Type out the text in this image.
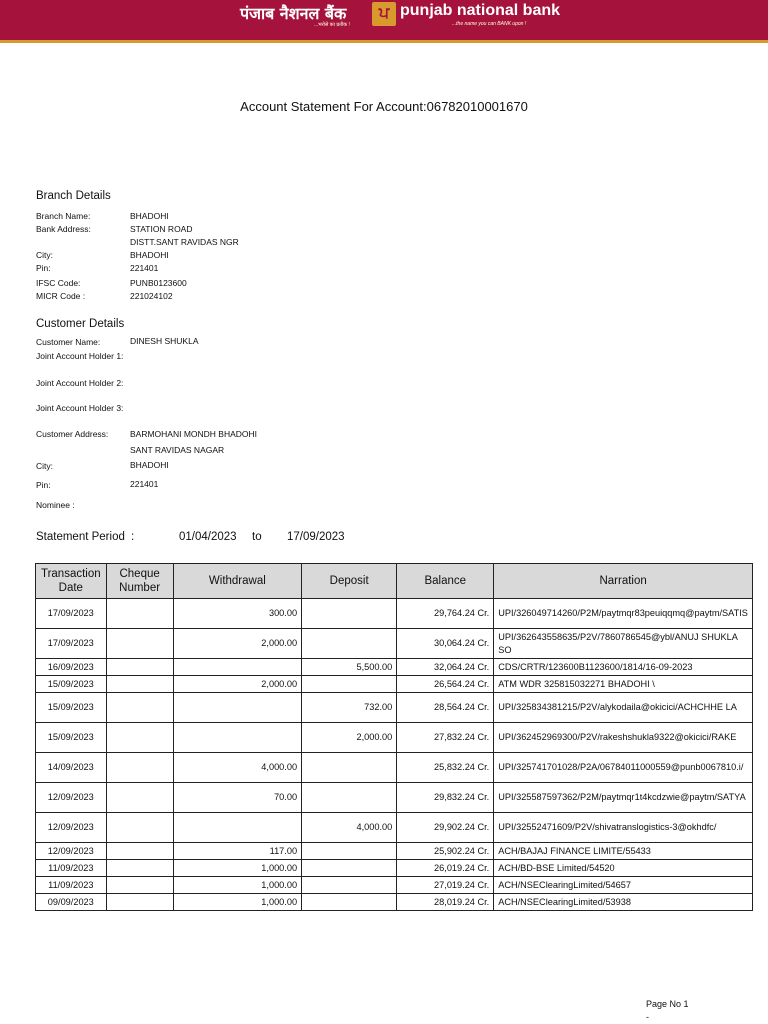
पंजाब नैशनल बैंक
...भरोसे का प्रतीक !
ਪ punjab national bank
...the name you can BANK upon !
Account Statement For Account:06782010001670
Branch Details
Branch Name:	BHADOHI
Bank Address:	STATION ROAD
DISTT.SANT RAVIDAS NGR
City:	BHADOHI
Pin:	221401
IFSC Code:	PUNB0123600
MICR Code :	221024102
Customer Details
Customer Name:	DINESH SHUKLA
Joint Account Holder 1:
Joint Account Holder 2:
Joint Account Holder 3:
Customer Address:	BARMOHANI MONDH BHADOHI
SANT RAVIDAS NAGAR
City:	BHADOHI
Pin:	221401
Nominee :
Statement Period :	01/04/2023 to 17/09/2023
Transaction Date	Cheque Number	Withdrawal	Deposit	Balance	Narration
17/09/2023		300.00		29,764.24 Cr.	UPI/326049714260/P2M/paytmqr83peuiqqmq@paytm/SATIS
17/09/2023		2,000.00		30,064.24 Cr.	UPI/362643558635/P2V/7860786545@ybl/ANUJ SHUKLA SO
16/09/2023			5,500.00	32,064.24 Cr.	CDS/CRTR/123600B1123600/1814/16-09-2023
15/09/2023		2,000.00		26,564.24 Cr.	ATM WDR 325815032271 BHADOHI \
15/09/2023			732.00	28,564.24 Cr.	UPI/325834381215/P2V/alykodaila@okicici/ACHCHHE LA
15/09/2023			2,000.00	27,832.24 Cr.	UPI/362452969300/P2V/rakeshshukla9322@okicici/RAKE
14/09/2023		4,000.00		25,832.24 Cr.	UPI/325741701028/P2A/06784011000559@punb0067810.i/
12/09/2023		70.00		29,832.24 Cr.	UPI/325587597362/P2M/paytmqr1t4kcdzwie@paytm/SATYA
12/09/2023			4,000.00	29,902.24 Cr.	UPI/32552471609/P2V/shivatranslogistics-3@okhdfc/
12/09/2023		117.00		25,902.24 Cr.	ACH/BAJAJ FINANCE LIMITE/55433
11/09/2023		1,000.00		26,019.24 Cr.	ACH/BD-BSE Limited/54520
11/09/2023		1,000.00		27,019.24 Cr.	ACH/NSEClearingLimited/54657
09/09/2023		1,000.00		28,019.24 Cr.	ACH/NSEClearingLimited/53938
Page No 1
-
